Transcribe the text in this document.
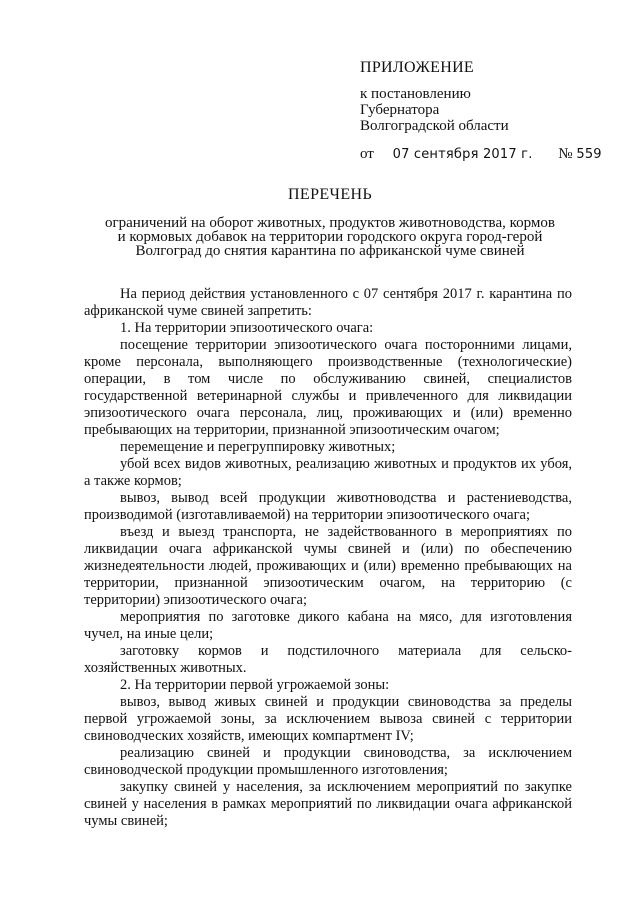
ПРИЛОЖЕНИЕ
к постановлению
Губернатора
Волгоградской области
от 07 сентября 2017 г. № 559
ПЕРЕЧЕНЬ
ограничений на оборот животных, продуктов животноводства, кормов
и кормовых добавок на территории городского округа город-герой
Волгоград до снятия карантина по африканской чуме свиней

На период действия установленного с 07 сентября 2017 г. карантина по африканской чуме свиней запретить:

1. На территории эпизоотического очага:

посещение территории эпизоотического очага посторонними лицами, кроме персонала, выполняющего производственные (технологические) операции, в том числе по обслуживанию свиней, специалистов государственной ветеринарной службы и привлеченного для ликвидации эпизоотического очага персонала, лиц, проживающих и (или) временно пребывающих на территории, признанной эпизоотическим очагом;

перемещение и перегруппировку животных;

убой всех видов животных, реализацию животных и продуктов их убоя, а также кормов;

вывоз, вывод всей продукции животноводства и растениеводства, производимой (изготавливаемой) на территории эпизоотического очага;

въезд и выезд транспорта, не задействованного в мероприятиях по ликвидации очага африканской чумы свиней и (или) по обеспечению жизнедеятельности людей, проживающих и (или) временно пребывающих на территории, признанной эпизоотическим очагом, на территорию (с территории) эпизоотического очага;

мероприятия по заготовке дикого кабана на мясо, для изготовления чучел, на иные цели;

заготовку кормов и подстилочного материала для сельско-хозяйственных животных.

2. На территории первой угрожаемой зоны:

вывоз, вывод живых свиней и продукции свиноводства за пределы первой угрожаемой зоны, за исключением вывоза свиней с территории свиноводческих хозяйств, имеющих компартмент IV;

реализацию свиней и продукции свиноводства, за исключением свиноводческой продукции промышленного изготовления;

закупку свиней у населения, за исключением мероприятий по закупке свиней у населения в рамках мероприятий по ликвидации очага африканской чумы свиней;
